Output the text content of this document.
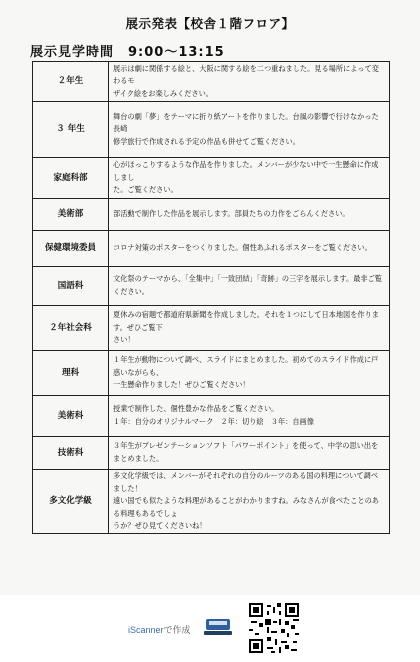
展示発表【校舎１階フロア】
展示見学時間　9:00〜13:15
２年生	展示は劇に関係する絵と、大阪に関する絵を二つ重ねました。見る場所によって変わるモ
ザイク絵をお楽しみください。

３ 年生	舞台の劇「夢」をテーマに折り紙アートを作りました。台風の影響で行けなかった長崎
修学旅行で作成される予定の作品も併せてご覧ください。

家庭科部	心がほっこりするような作品を作りました。メンバーが少ない中で一生懸命に作成しまし
た。ご覧ください。

美術部	部活動で制作した作品を展示します。部員たちの力作をごらんください。

保健環境委員	コロナ対策のポスターをつくりました。個性あふれるポスターをご覧ください。

国語科	文化祭のテーマから、「全集中」「一致団結」「奇跡」の三字を展示します。最非ご覧ください。

２年社会科	夏休みの宿題で都道府県新聞を作成しました。それを１つにして日本地図を作ります。ぜひご覧下
さい！

理科	１年生が動物について調べ、スライドにまとめました。初めてのスライド作成に戸惑いながらも、
一生懸命作りました！ぜひご覧ください！

美術科	授業で制作した、個性豊かな作品をご覧ください。
１年：自分のオリジナルマーク　２年：切り絵　３年：自画像

技術科	３年生がプレゼンテーションソフト「パワーポイント」を使って、中学の思い出をまとめました。

多文化学級	多文化学級では、メンバーがそれぞれの自分のルーツのある国の料理について調べました！
遠い国でも似たような料理があることがわかりますね。みなさんが食べたことのある料理もあるでしょ
うか？ぜひ見てくださいね！
iScannerで作成
